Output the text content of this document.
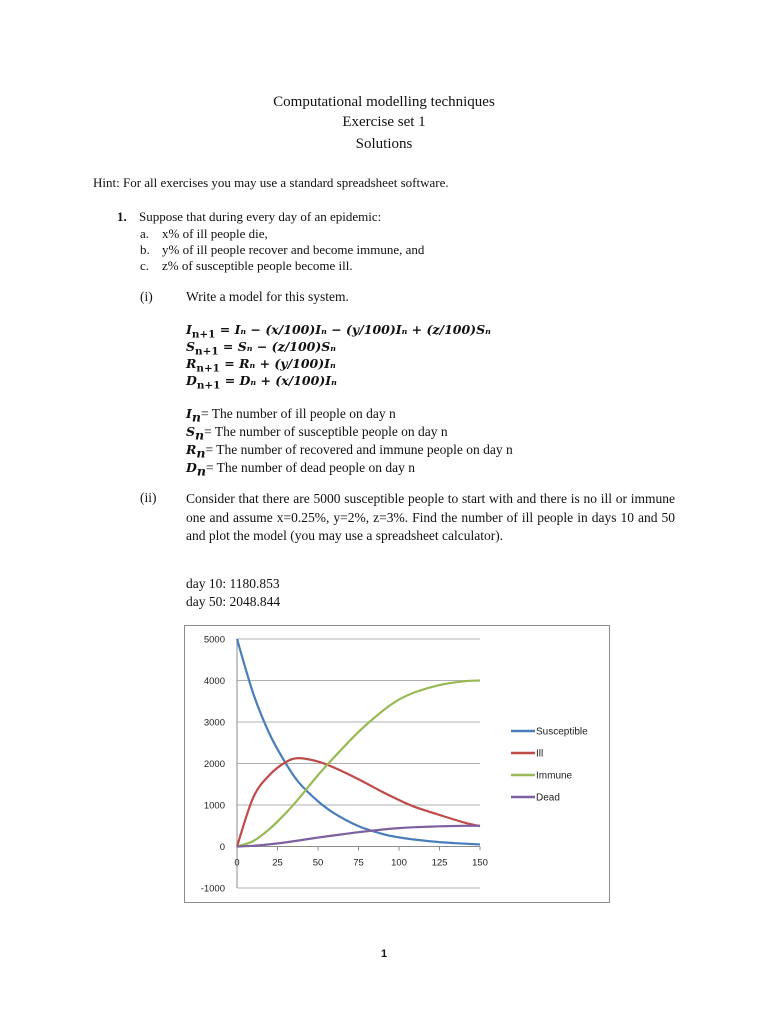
Computational modelling techniques
Exercise set 1
Solutions
Hint: For all exercises you may use a standard spreadsheet software.
1. Suppose that during every day of an epidemic:
a. x% of ill people die,
b. y% of ill people recover and become immune, and
c. z% of susceptible people become ill.
(i) Write a model for this system.
$I_{n+1} = I_n - (x/100)I_n - (y/100)I_n + (z/100)S_n$
$S_{n+1} = S_n - (z/100)S_n$
$R_{n+1} = R_n + (y/100)I_n$
$D_{n+1} = D_n + (x/100)I_n$
$I_n=$ The number of ill people on day n
$S_n=$ The number of susceptible people on day n
$R_n=$ The number of recovered and immune people on day n
$D_n=$ The number of dead people on day n
(ii) Consider that there are 5000 susceptible people to start with and there is no ill or immune one and assume x=0.25%, y=2%, z=3%. Find the number of ill people in days 10 and 50 and plot the model (you may use a spreadsheet calculator).
day 10: 1180.853
day 50: 2048.844
5000
4000
3000
2000
1000
0
-1000
0	25	50	75	100	125	150
Susceptible
Ill
Immune
Dead
1
